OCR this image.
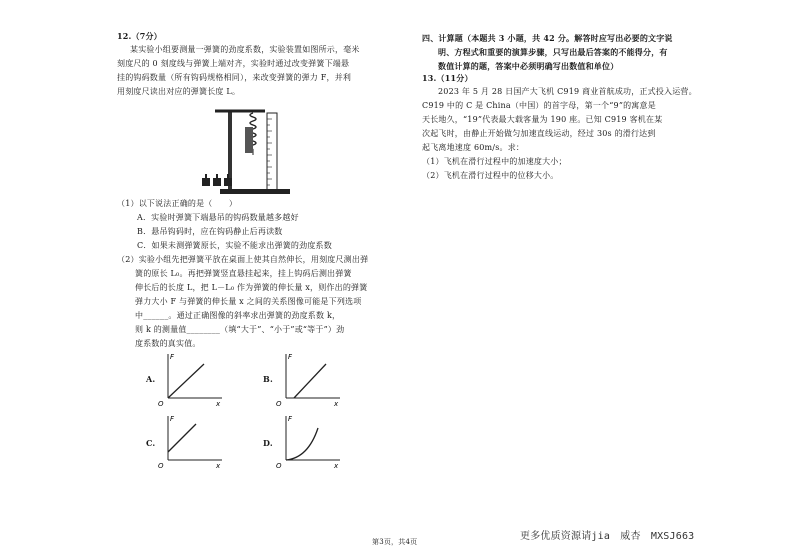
12.（7分）
某实验小组要测量一弹簧的劲度系数，实验装置如图所示，毫米
刻度尺的 0 刻度线与弹簧上端对齐，实验时通过改变弹簧下端悬
挂的钩码数量（所有钩码规格相同），来改变弹簧的弹力 F，并利
用刻度尺读出对应的弹簧长度 L。
（1）以下说法正确的是（　　）
A．实验时弹簧下端悬吊的钩码数量越多越好
B．悬吊钩码时，应在钩码静止后再读数
C．如果未测弹簧原长，实验不能求出弹簧的劲度系数
（2）实验小组先把弹簧平放在桌面上使其自然伸长，用刻度尺测出弹
簧的原长 L₀。再把弹簧竖直悬挂起来，挂上钩码后测出弹簧
伸长后的长度 L，把 L－L₀ 作为弹簧的伸长量 x，则作出的弹簧
弹力大小 F 与弹簧的伸长量 x 之间的关系图像可能是下列选项
中______。通过正确图像的斜率求出弹簧的劲度系数 k，
则 k 的测量值________（填“大于”、“小于”或“等于”）劲
度系数的真实值。
A.
F
O	x
B.
F
O	x
C.
F
O	x
D.
F
O	x
四、计算题（本题共 3 小题，共 42 分。解答时应写出必要的文字说
明、方程式和重要的演算步骤，只写出最后答案的不能得分，有
数值计算的题，答案中必须明确写出数值和单位）
13.（11分）
2023 年 5 月 28 日国产大飞机 C919 商业首航成功，正式投入运营。
C919 中的 C 是 China（中国）的首字母，第一个“9”的寓意是
天长地久，“19”代表最大载客量为 190 座。已知 C919 客机在某
次起飞时，由静止开始做匀加速直线运动，经过 30s 的滑行达到
起飞离地速度 60m/s。求：
（1）飞机在滑行过程中的加速度大小；
（2）飞机在滑行过程中的位移大小。
第3页，共4页	更多优质资源请jia　威杏　MXSJ663
